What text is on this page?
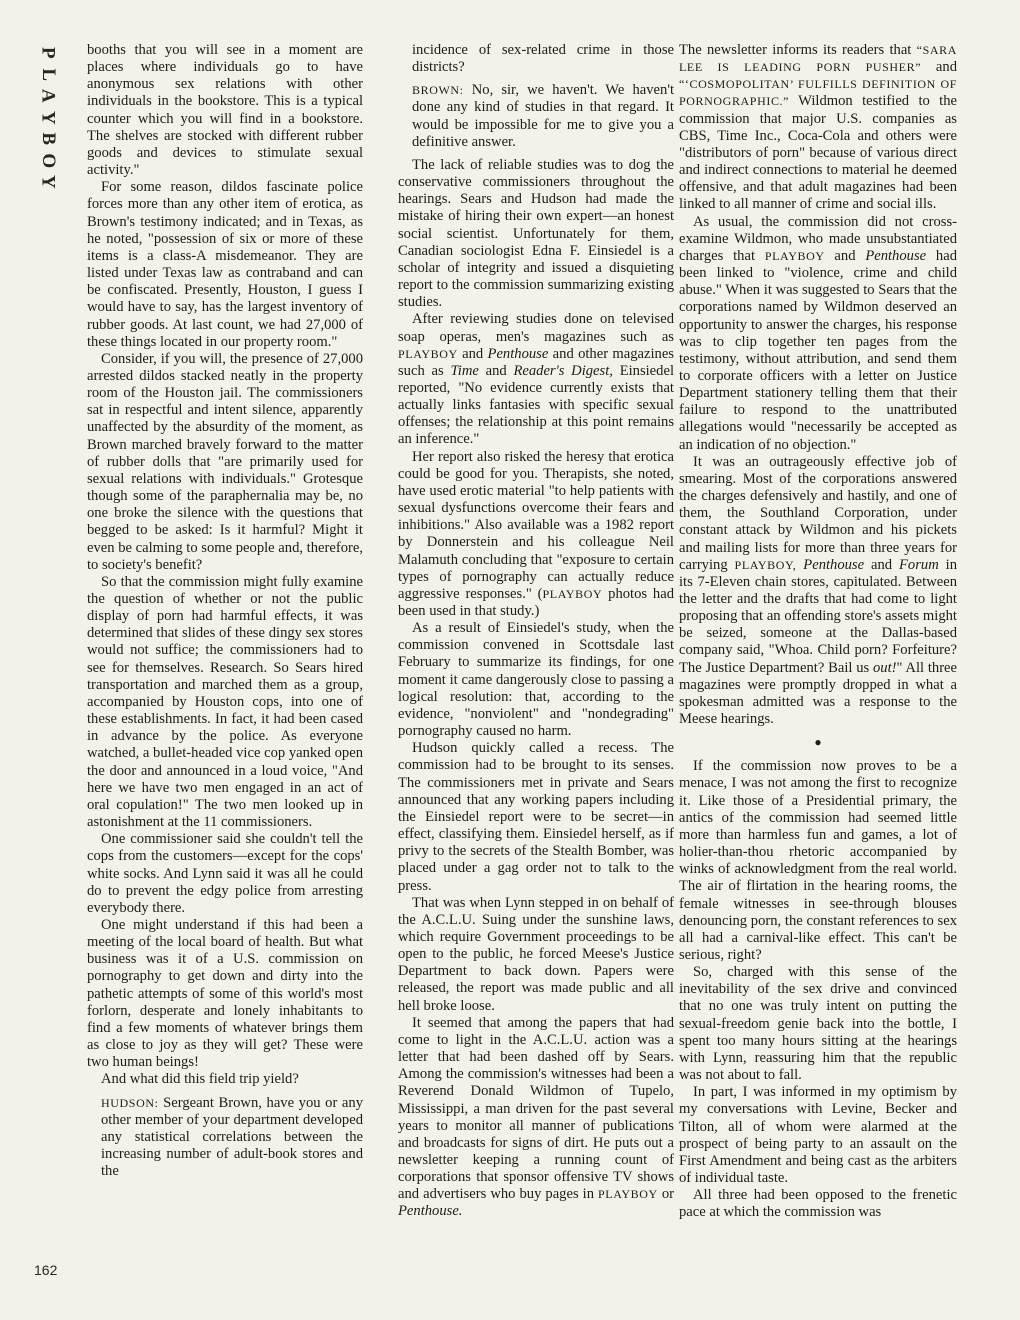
P
L
A
Y
B
O
Y

booths that you will see in a moment are places where individuals go to have anonymous sex relations with other individuals in the bookstore. This is a typical counter which you will find in a bookstore. The shelves are stocked with different rubber goods and devices to stimulate sexual activity."

For some reason, dildos fascinate police forces more than any other item of erotica, as Brown's testimony indicated; and in Texas, as he noted, "possession of six or more of these items is a class-A misdemeanor. They are listed under Texas law as contraband and can be confiscated. Presently, Houston, I guess I would have to say, has the largest inventory of rubber goods. At last count, we had 27,000 of these things located in our property room."

Consider, if you will, the presence of 27,000 arrested dildos stacked neatly in the property room of the Houston jail. The commissioners sat in respectful and intent silence, apparently unaffected by the absurdity of the moment, as Brown marched bravely forward to the matter of rubber dolls that "are primarily used for sexual relations with individuals." Grotesque though some of the paraphernalia may be, no one broke the silence with the questions that begged to be asked: Is it harmful? Might it even be calming to some people and, therefore, to society's benefit?

So that the commission might fully examine the question of whether or not the public display of porn had harmful effects, it was determined that slides of these dingy sex stores would not suffice; the commissioners had to see for themselves. Research. So Sears hired transportation and marched them as a group, accompanied by Houston cops, into one of these establishments. In fact, it had been cased in advance by the police. As everyone watched, a bullet-headed vice cop yanked open the door and announced in a loud voice, "And here we have two men engaged in an act of oral copulation!" The two men looked up in astonishment at the 11 commissioners.

One commissioner said she couldn't tell the cops from the customers—except for the cops' white socks. And Lynn said it was all he could do to prevent the edgy police from arresting everybody there.

One might understand if this had been a meeting of the local board of health. But what business was it of a U.S. commission on pornography to get down and dirty into the pathetic attempts of some of this world's most forlorn, desperate and lonely inhabitants to find a few moments of whatever brings them as close to joy as they will get? These were two human beings!

And what did this field trip yield?

HUDSON: Sergeant Brown, have you or any other member of your department developed any statistical correlations between the increasing number of adult-book stores and the

incidence of sex-related crime in those districts?

BROWN: No, sir, we haven't. We haven't done any kind of studies in that regard. It would be impossible for me to give you a definitive answer.

The lack of reliable studies was to dog the conservative commissioners throughout the hearings. Sears and Hudson had made the mistake of hiring their own expert—an honest social scientist. Unfortunately for them, Canadian sociologist Edna F. Einsiedel is a scholar of integrity and issued a disquieting report to the commission summarizing existing studies.

After reviewing studies done on televised soap operas, men's magazines such as PLAYBOY and Penthouse and other magazines such as Time and Reader's Digest, Einsiedel reported, "No evidence currently exists that actually links fantasies with specific sexual offenses; the relationship at this point remains an inference."

Her report also risked the heresy that erotica could be good for you. Therapists, she noted, have used erotic material "to help patients with sexual dysfunctions overcome their fears and inhibitions." Also available was a 1982 report by Donnerstein and his colleague Neil Malamuth concluding that "exposure to certain types of pornography can actually reduce aggressive responses." (PLAYBOY photos had been used in that study.)

As a result of Einsiedel's study, when the commission convened in Scottsdale last February to summarize its findings, for one moment it came dangerously close to passing a logical resolution: that, according to the evidence, "nonviolent" and "nondegrading" pornography caused no harm.

Hudson quickly called a recess. The commission had to be brought to its senses. The commissioners met in private and Sears announced that any working papers including the Einsiedel report were to be secret—in effect, classifying them. Einsiedel herself, as if privy to the secrets of the Stealth Bomber, was placed under a gag order not to talk to the press.

That was when Lynn stepped in on behalf of the A.C.L.U. Suing under the sunshine laws, which require Government proceedings to be open to the public, he forced Meese's Justice Department to back down. Papers were released, the report was made public and all hell broke loose.

It seemed that among the papers that had come to light in the A.C.L.U. action was a letter that had been dashed off by Sears. Among the commission's witnesses had been a Reverend Donald Wildmon of Tupelo, Mississippi, a man driven for the past several years to monitor all manner of publications and broadcasts for signs of dirt. He puts out a newsletter keeping a running count of corporations that sponsor offensive TV shows and advertisers who buy pages in PLAYBOY or Penthouse.

The newsletter informs its readers that “SARA LEE IS LEADING PORN PUSHER” and “‘COSMOPOLITAN’ FULFILLS DEFINITION OF PORNOGRAPHIC.” Wildmon testified to the commission that major U.S. companies as CBS, Time Inc., Coca-Cola and others were "distributors of porn" because of various direct and indirect connections to material he deemed offensive, and that adult magazines had been linked to all manner of crime and social ills.

As usual, the commission did not cross-examine Wildmon, who made unsubstantiated charges that PLAYBOY and Penthouse had been linked to "violence, crime and child abuse." When it was suggested to Sears that the corporations named by Wildmon deserved an opportunity to answer the charges, his response was to clip together ten pages from the testimony, without attribution, and send them to corporate officers with a letter on Justice Department stationery telling them that their failure to respond to the unattributed allegations would "necessarily be accepted as an indication of no objection."

It was an outrageously effective job of smearing. Most of the corporations answered the charges defensively and hastily, and one of them, the Southland Corporation, under constant attack by Wildmon and his pickets and mailing lists for more than three years for carrying PLAYBOY, Penthouse and Forum in its 7-Eleven chain stores, capitulated. Between the letter and the drafts that had come to light proposing that an offending store's assets might be seized, someone at the Dallas-based company said, "Whoa. Child porn? Forfeiture? The Justice Department? Bail us out!" All three magazines were promptly dropped in what a spokesman admitted was a response to the Meese hearings.

●

If the commission now proves to be a menace, I was not among the first to recognize it. Like those of a Presidential primary, the antics of the commission had seemed little more than harmless fun and games, a lot of holier-than-thou rhetoric accompanied by winks of acknowledgment from the real world. The air of flirtation in the hearing rooms, the female witnesses in see-through blouses denouncing porn, the constant references to sex all had a carnival-like effect. This can't be serious, right?

So, charged with this sense of the inevitability of the sex drive and convinced that no one was truly intent on putting the sexual-freedom genie back into the bottle, I spent too many hours sitting at the hearings with Lynn, reassuring him that the republic was not about to fall.

In part, I was informed in my optimism by my conversations with Levine, Becker and Tilton, all of whom were alarmed at the prospect of being party to an assault on the First Amendment and being cast as the arbiters of individual taste.

All three had been opposed to the frenetic pace at which the commission was

162
